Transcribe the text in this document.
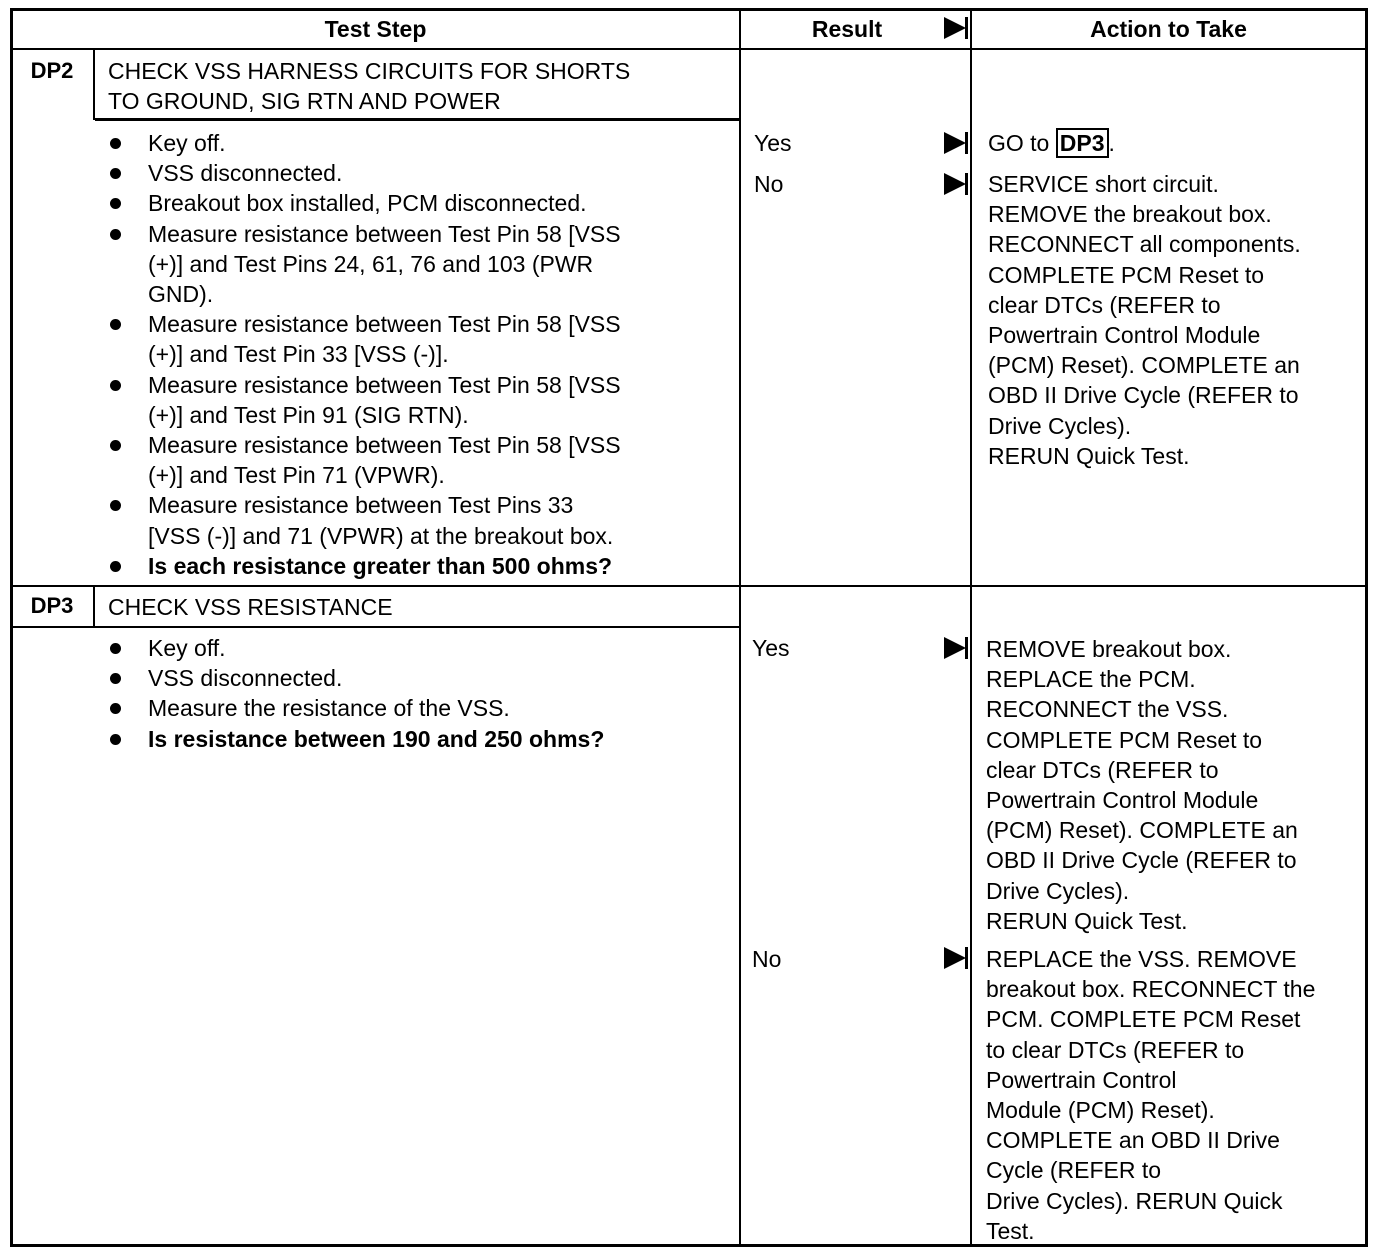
Test Step	Result	Action to Take
DP2	CHECK VSS HARNESS CIRCUITS FOR SHORTS
TO GROUND, SIG RTN AND POWER
Key off.
VSS disconnected.
Breakout box installed, PCM disconnected.
Measure resistance between Test Pin 58 [VSS
(+)] and Test Pins 24, 61, 76 and 103 (PWR
GND).
Measure resistance between Test Pin 58 [VSS
(+)] and Test Pin 33 [VSS (-)].
Measure resistance between Test Pin 58 [VSS
(+)] and Test Pin 91 (SIG RTN).
Measure resistance between Test Pin 58 [VSS
(+)] and Test Pin 71 (VPWR).
Measure resistance between Test Pins 33
[VSS (-)] and 71 (VPWR) at the breakout box.
Is each resistance greater than 500 ohms?
Yes	GO to DP3 .
No	SERVICE short circuit.
REMOVE the breakout box.
RECONNECT all components.
COMPLETE PCM Reset to
clear DTCs (REFER to
Powertrain Control Module
(PCM) Reset). COMPLETE an
OBD II Drive Cycle (REFER to
Drive Cycles).
RERUN Quick Test.
DP3	CHECK VSS RESISTANCE
Key off.
VSS disconnected.
Measure the resistance of the VSS.
Is resistance between 190 and 250 ohms?
Yes	REMOVE breakout box.
REPLACE the PCM.
RECONNECT the VSS.
COMPLETE PCM Reset to
clear DTCs (REFER to
Powertrain Control Module
(PCM) Reset). COMPLETE an
OBD II Drive Cycle (REFER to
Drive Cycles).
RERUN Quick Test.
No	REPLACE the VSS. REMOVE
breakout box. RECONNECT the
PCM. COMPLETE PCM Reset
to clear DTCs (REFER to
Powertrain Control
Module (PCM) Reset).
COMPLETE an OBD II Drive
Cycle (REFER to
Drive Cycles). RERUN Quick
Test.
